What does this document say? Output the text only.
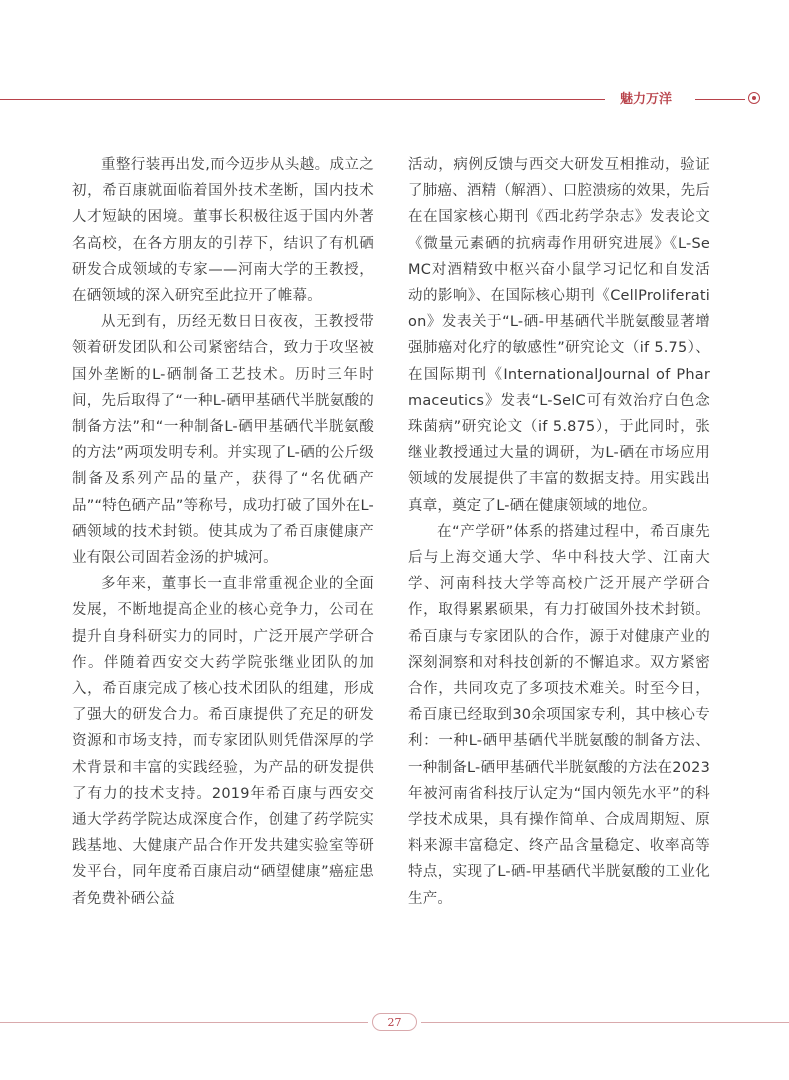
魅力万洋

重整行装再出发,而今迈步从头越。成立之初，希百康就面临着国外技术垄断，国内技术人才短缺的困境。董事长积极往返于国内外著名高校，在各方朋友的引荐下，结识了有机硒研发合成领域的专家——河南大学的王教授，在硒领域的深入研究至此拉开了帷幕。

从无到有，历经无数日日夜夜，王教授带领着研发团队和公司紧密结合，致力于攻坚被国外垄断的L-硒制备工艺技术。历时三年时间，先后取得了“一种L-硒甲基硒代半胱氨酸的制备方法”和“一种制备L-硒甲基硒代半胱氨酸的方法”两项发明专利。并实现了L-硒的公斤级制备及系列产品的量产，获得了“名优硒产品”“特色硒产品”等称号，成功打破了国外在L-硒领域的技术封锁。使其成为了希百康健康产业有限公司固若金汤的护城河。

多年来，董事长一直非常重视企业的全面发展，不断地提高企业的核心竞争力，公司在提升自身科研实力的同时，广泛开展产学研合作。伴随着西安交大药学院张继业团队的加入，希百康完成了核心技术团队的组建，形成了强大的研发合力。希百康提供了充足的研发资源和市场支持，而专家团队则凭借深厚的学术背景和丰富的实践经验，为产品的研发提供了有力的技术支持。2019年希百康与西安交通大学药学院达成深度合作，创建了药学院实践基地、大健康产品合作开发共建实验室等研发平台，同年度希百康启动“硒望健康”癌症患者免费补硒公益

活动，病例反馈与西交大研发互相推动，验证了肺癌、酒精（解酒）、口腔溃疡的效果，先后在在国家核心期刊《西北药学杂志》发表论文《微量元素硒的抗病毒作用研究进展》《L-SeMC对酒精致中枢兴奋小鼠学习记忆和自发活动的影响》、在国际核心期刊《CellProliferation》发表关于“L-硒-甲基硒代半胱氨酸显著增强肺癌对化疗的敏感性”研究论文（if 5.75）、在国际期刊《InternationalJournal of Pharmaceutics》发表“L-SelC可有效治疗白色念珠菌病”研究论文（if 5.875），于此同时，张继业教授通过大量的调研，为L-硒在市场应用领域的发展提供了丰富的数据支持。用实践出真章，奠定了L-硒在健康领域的地位。

在“产学研”体系的搭建过程中，希百康先后与上海交通大学、华中科技大学、江南大学、河南科技大学等高校广泛开展产学研合作，取得累累硕果，有力打破国外技术封锁。希百康与专家团队的合作，源于对健康产业的深刻洞察和对科技创新的不懈追求。双方紧密合作，共同攻克了多项技术难关。时至今日，希百康已经取到30余项国家专利，其中核心专利：一种L-硒甲基硒代半胱氨酸的制备方法、一种制备L-硒甲基硒代半胱氨酸的方法在2023年被河南省科技厅认定为“国内领先水平”的科学技术成果，具有操作简单、合成周期短、原料来源丰富稳定、终产品含量稳定、收率高等特点，实现了L-硒-甲基硒代半胱氨酸的工业化生产。

27
